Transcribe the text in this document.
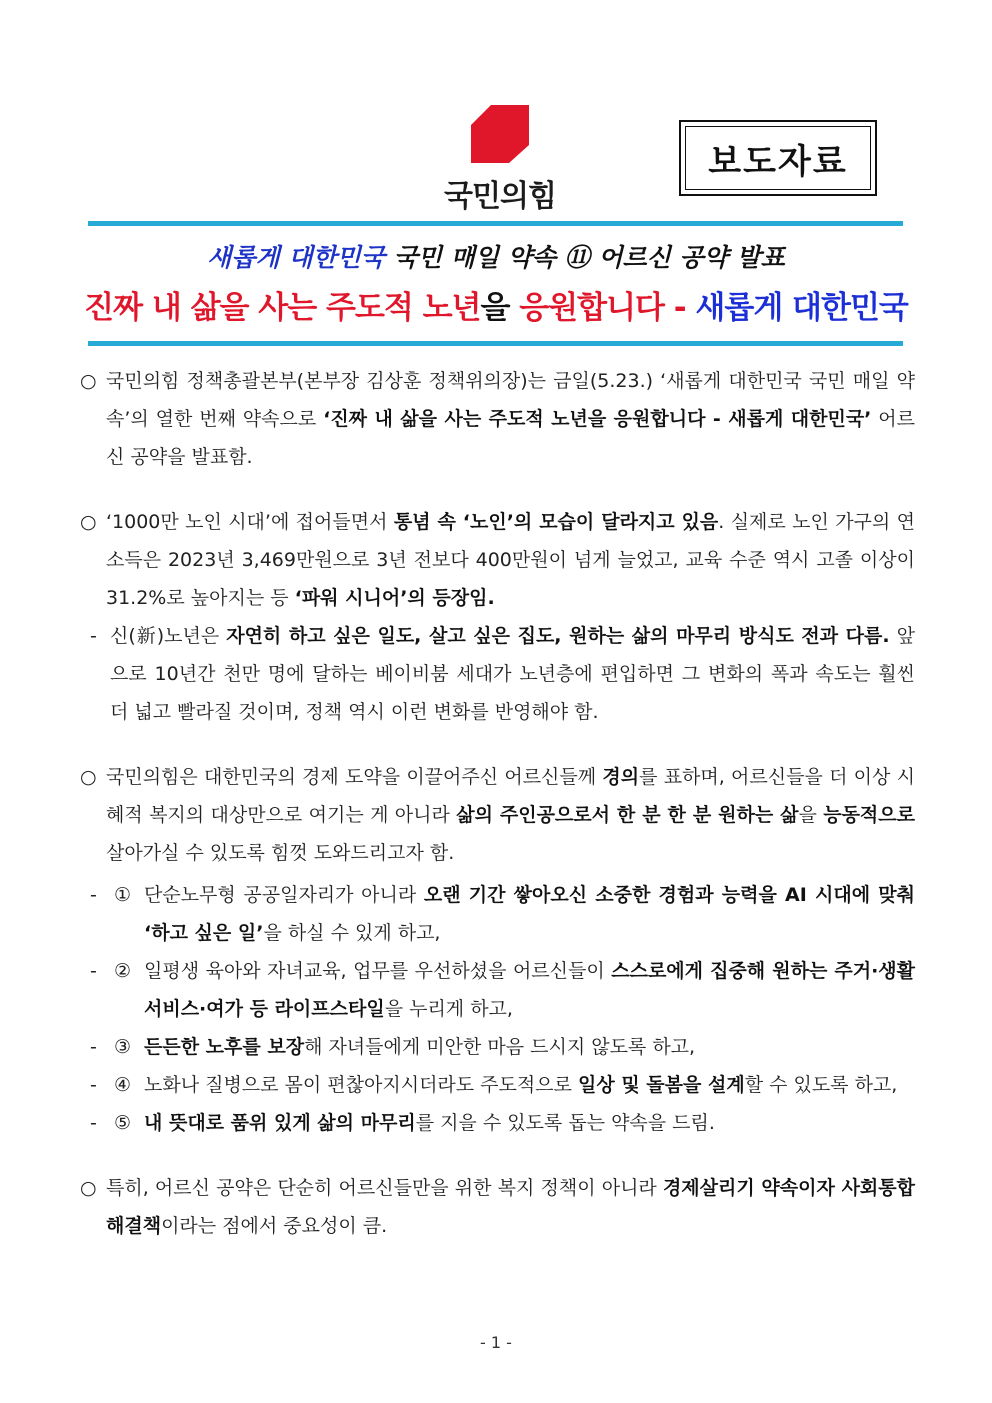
국민의힘
보도자료
새롭게 대한민국 국민 매일 약속 ⑪ 어르신 공약 발표
진짜 내 삶을 사는 주도적 노년을 응원합니다 - 새롭게 대한민국
○ 국민의힘 정책총괄본부(본부장 김상훈 정책위의장)는 금일(5.23.) ‘새롭게 대한민국 국민 매일 약속’의 열한 번째 약속으로 ‘진짜 내 삶을 사는 주도적 노년을 응원합니다 - 새롭게 대한민국’ 어르신 공약을 발표함.
○ ‘1000만 노인 시대’에 접어들면서 통념 속 ‘노인’의 모습이 달라지고 있음. 실제로 노인 가구의 연소득은 2023년 3,469만원으로 3년 전보다 400만원이 넘게 늘었고, 교육 수준 역시 고졸 이상이 31.2%로 높아지는 등 ‘파워 시니어’의 등장임.
- 신(新)노년은 자연히 하고 싶은 일도, 살고 싶은 집도, 원하는 삶의 마무리 방식도 전과 다름. 앞으로 10년간 천만 명에 달하는 베이비붐 세대가 노년층에 편입하면 그 변화의 폭과 속도는 훨씬 더 넓고 빨라질 것이며, 정책 역시 이런 변화를 반영해야 함.
○ 국민의힘은 대한민국의 경제 도약을 이끌어주신 어르신들께 경의를 표하며, 어르신들을 더 이상 시혜적 복지의 대상만으로 여기는 게 아니라 삶의 주인공으로서 한 분 한 분 원하는 삶을 능동적으로 살아가실 수 있도록 힘껏 도와드리고자 함.
- ① 단순노무형 공공일자리가 아니라 오랜 기간 쌓아오신 소중한 경험과 능력을 AI 시대에 맞춰 ‘하고 싶은 일’을 하실 수 있게 하고,
- ② 일평생 육아와 자녀교육, 업무를 우선하셨을 어르신들이 스스로에게 집중해 원하는 주거·생활서비스·여가 등 라이프스타일을 누리게 하고,
- ③ 든든한 노후를 보장해 자녀들에게 미안한 마음 드시지 않도록 하고,
- ④ 노화나 질병으로 몸이 편찮아지시더라도 주도적으로 일상 및 돌봄을 설계할 수 있도록 하고,
- ⑤ 내 뜻대로 품위 있게 삶의 마무리를 지을 수 있도록 돕는 약속을 드림.
○ 특히, 어르신 공약은 단순히 어르신들만을 위한 복지 정책이 아니라 경제살리기 약속이자 사회통합 해결책이라는 점에서 중요성이 큼.
- 1 -
